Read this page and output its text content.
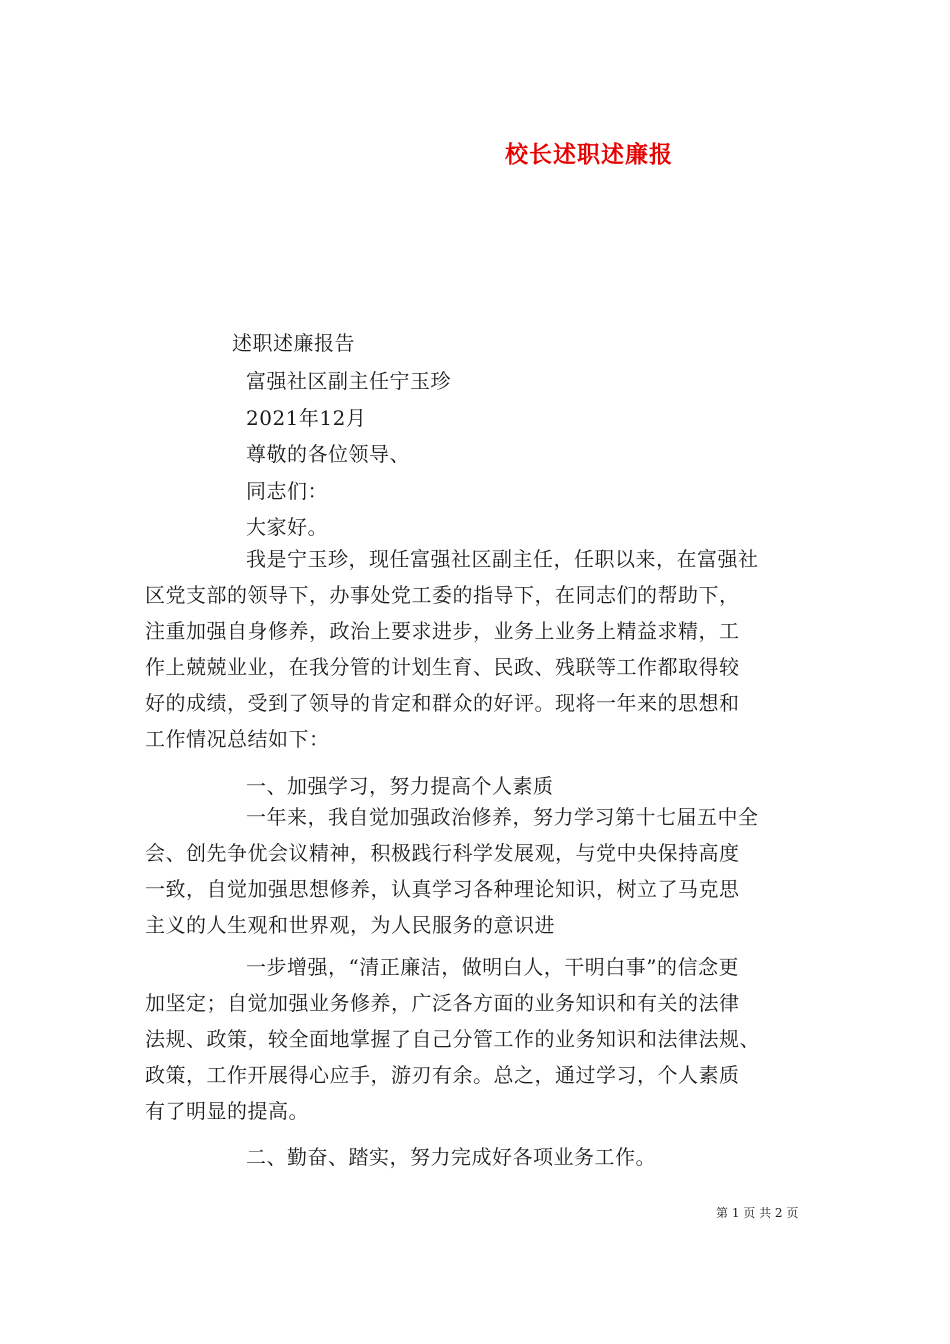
校长述职述廉报
述职述廉报告
富强社区副主任宁玉珍
2021年12月
尊敬的各位领导、
同志们：
大家好。
我是宁玉珍，现任富强社区副主任，任职以来，在富强社
区党支部的领导下，办事处党工委的指导下，在同志们的帮助下，
注重加强自身修养，政治上要求进步，业务上业务上精益求精，工
作上兢兢业业，在我分管的计划生育、民政、残联等工作都取得较
好的成绩，受到了领导的肯定和群众的好评。现将一年来的思想和
工作情况总结如下：
一、加强学习，努力提高个人素质
一年来，我自觉加强政治修养，努力学习第十七届五中全
会、创先争优会议精神，积极践行科学发展观，与党中央保持高度
一致，自觉加强思想修养，认真学习各种理论知识，树立了马克思
主义的人生观和世界观，为人民服务的意识进
一步增强，“清正廉洁，做明白人，干明白事”的信念更
加坚定；自觉加强业务修养，广泛各方面的业务知识和有关的法律
法规、政策，较全面地掌握了自己分管工作的业务知识和法律法规、
政策，工作开展得心应手，游刃有余。总之，通过学习，个人素质
有了明显的提高。
二、勤奋、踏实，努力完成好各项业务工作。
第 1 页 共 2 页
